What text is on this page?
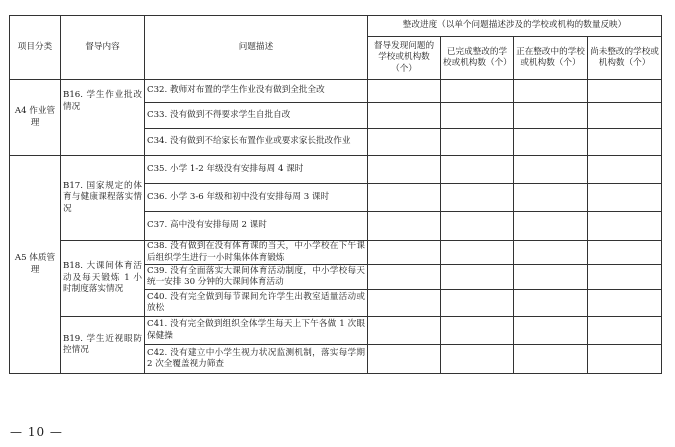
项目分类	督导内容	问题描述	整改进度（以单个问题描述涉及的学校或机构的数量反映）			
			督导发现问题的学校或机构数（个）	已完成整改的学校或机构数（个）	正在整改中的学校或机构数（个）	尚未整改的学校或机构数（个）
A4 作业管理	B16. 学生作业批改情况	C32. 教师对布置的学生作业没有做到全批全改				
		C33. 没有做到不得要求学生自批自改				
		C34. 没有做到不给家长布置作业或要求家长批改作业				
A5 体质管理	B17. 国家规定的体育与健康课程落实情况	C35. 小学 1-2 年级没有安排每周 4 课时				
		C36. 小学 3-6 年级和初中没有安排每周 3 课时				
		C37. 高中没有安排每周 2 课时				
	B18. 大课间体育活动及每天锻炼 1 小时制度落实情况	C38. 没有做到在没有体育课的当天，中小学校在下午课后组织学生进行一小时集体体育锻炼				
		C39. 没有全面落实大课间体育活动制度，中小学校每天统一安排 30 分钟的大课间体育活动				
		C40. 没有完全做到每节课间允许学生出教室适量活动或放松				
	B19. 学生近视眼防控情况	C41. 没有完全做到组织全体学生每天上下午各做 1 次眼保健操				
		C42. 没有建立中小学生视力状况监测机制，落实每学期 2 次全覆盖视力筛查				
— 10 —
